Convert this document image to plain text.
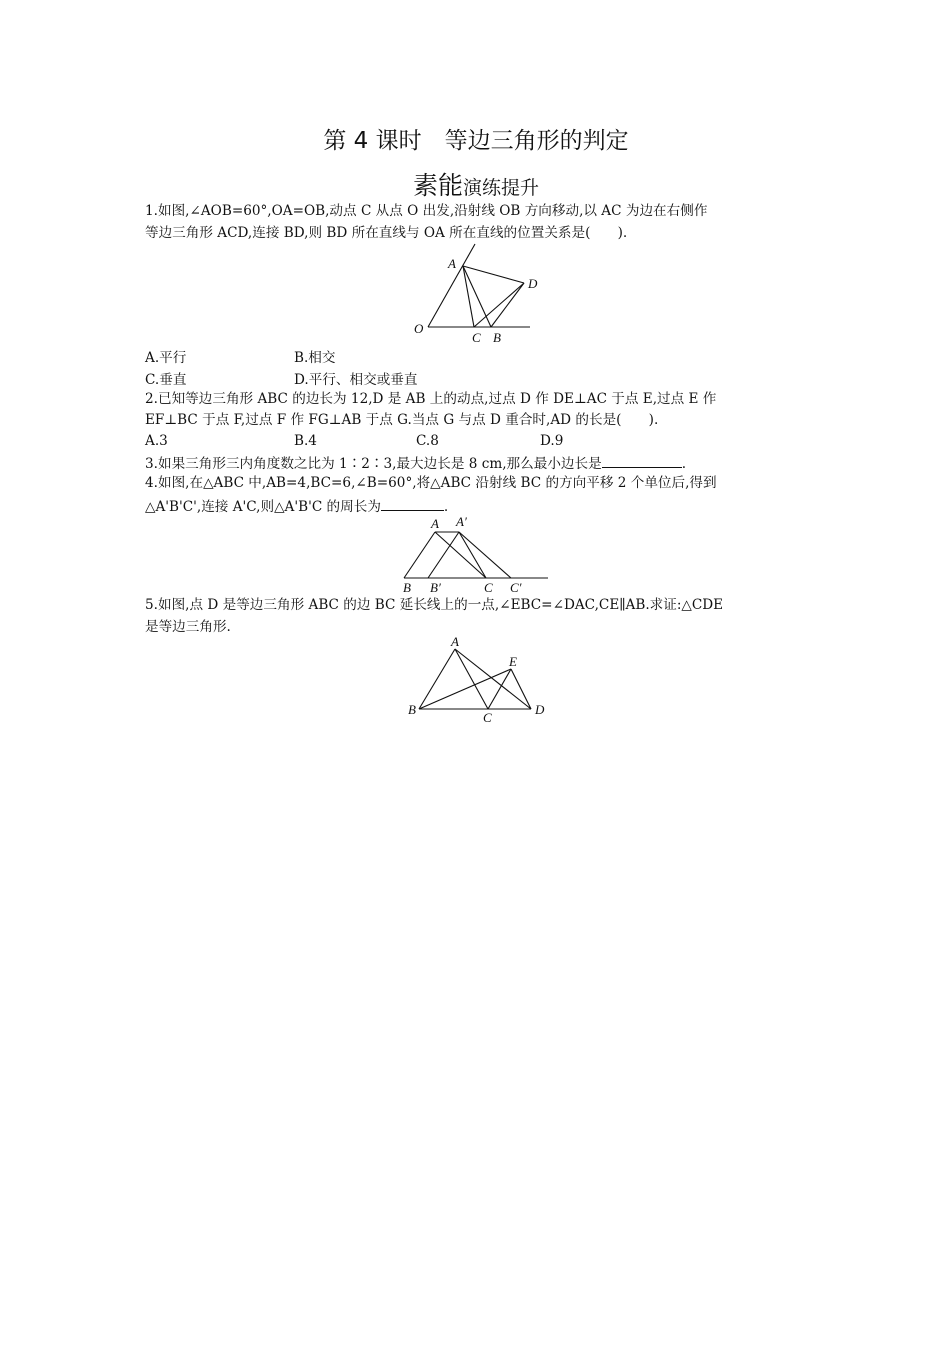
第 4 课时　等边三角形的判定
素能演练提升
1.如图,∠AOB=60°,OA=OB,动点 C 从点 O 出发,沿射线 OB 方向移动,以 AC 为边在右侧作
等边三角形 ACD,连接 BD,则 BD 所在直线与 OA 所在直线的位置关系是(　　).
A
D
O
C B
A.平行	B.相交
C.垂直	D.平行、相交或垂直
2.已知等边三角形 ABC 的边长为 12,D 是 AB 上的动点,过点 D 作 DE⊥AC 于点 E,过点 E 作
EF⊥BC 于点 F,过点 F 作 FG⊥AB 于点 G.当点 G 与点 D 重合时,AD 的长是(　　).
A.3	B.4	C.8	D.9
3.如果三角形三内角度数之比为 1∶2∶3,最大边长是 8 cm,那么最小边长是	.
4.如图,在△ABC 中,AB=4,BC=6,∠B=60°,将△ABC 沿射线 BC 的方向平移 2 个单位后,得到
△A'B'C',连接 A'C,则△A'B'C 的周长为	.
A A′
B B′	C C′
5.如图,点 D 是等边三角形 ABC 的边 BC 延长线上的一点,∠EBC=∠DAC,CE∥AB.求证:△CDE
是等边三角形.
A
E
B
C
D
